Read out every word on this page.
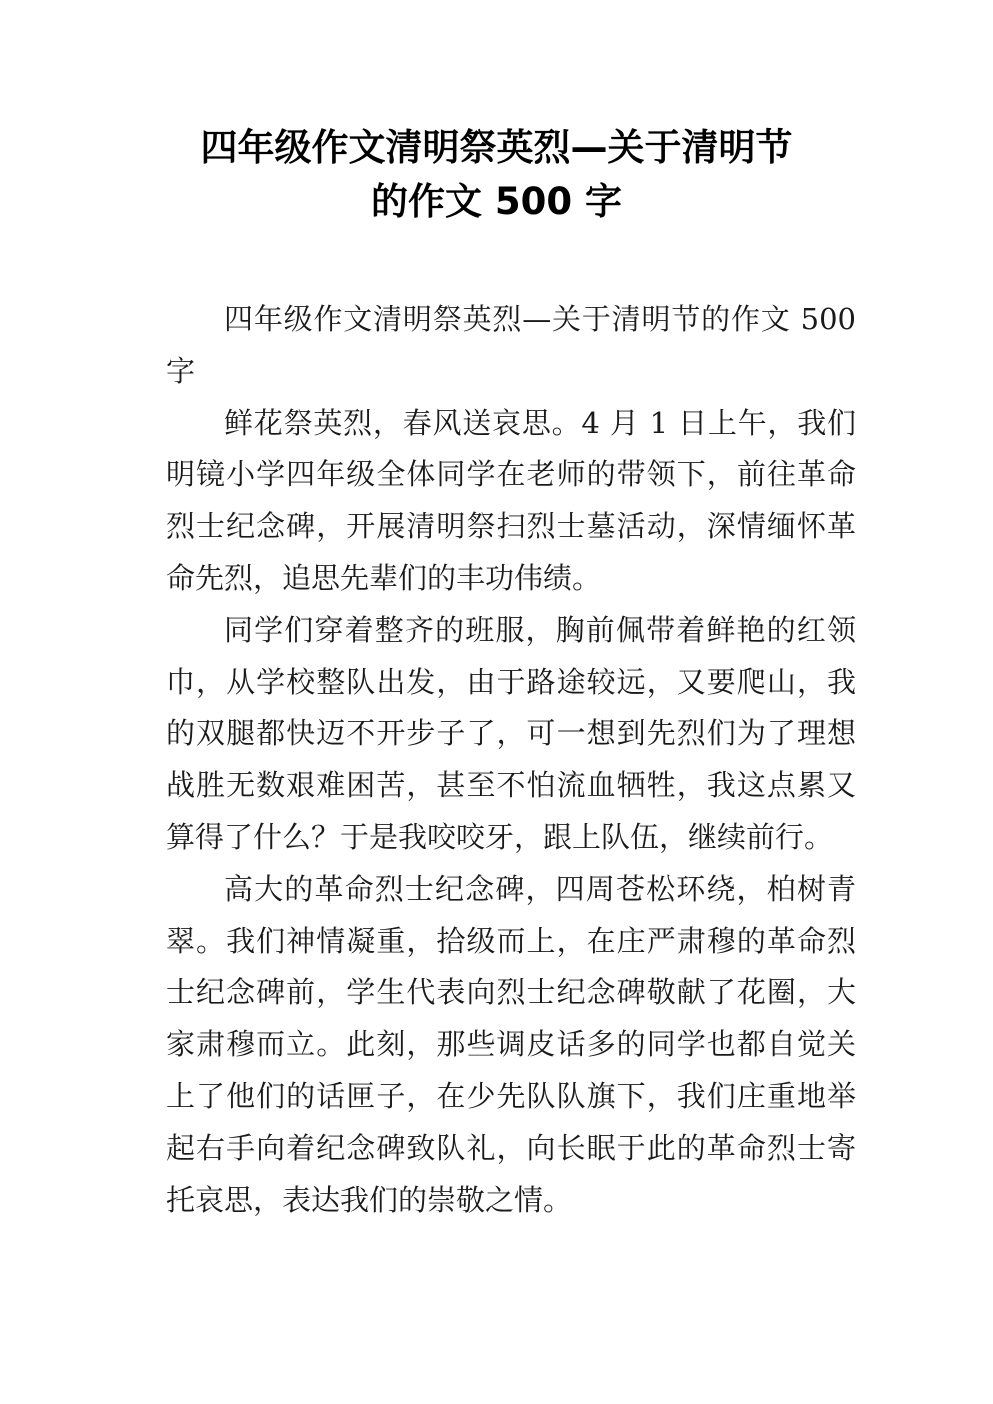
四年级作文清明祭英烈—关于清明节
的作文 500 字

四年级作文清明祭英烈—关于清明节的作文 500 字

鲜花祭英烈，春风送哀思。4 月 1 日上午，我们明镜小学四年级全体同学在老师的带领下，前往革命烈士纪念碑，开展清明祭扫烈士墓活动，深情缅怀革命先烈，追思先辈们的丰功伟绩。

同学们穿着整齐的班服，胸前佩带着鲜艳的红领巾，从学校整队出发，由于路途较远，又要爬山，我的双腿都快迈不开步子了，可一想到先烈们为了理想战胜无数艰难困苦，甚至不怕流血牺牲，我这点累又算得了什么？于是我咬咬牙，跟上队伍，继续前行。

高大的革命烈士纪念碑，四周苍松环绕，柏树青翠。我们神情凝重，拾级而上，在庄严肃穆的革命烈士纪念碑前，学生代表向烈士纪念碑敬献了花圈，大家肃穆而立。此刻，那些调皮话多的同学也都自觉关上了他们的话匣子，在少先队队旗下，我们庄重地举起右手向着纪念碑致队礼，向长眠于此的革命烈士寄托哀思，表达我们的崇敬之情。
